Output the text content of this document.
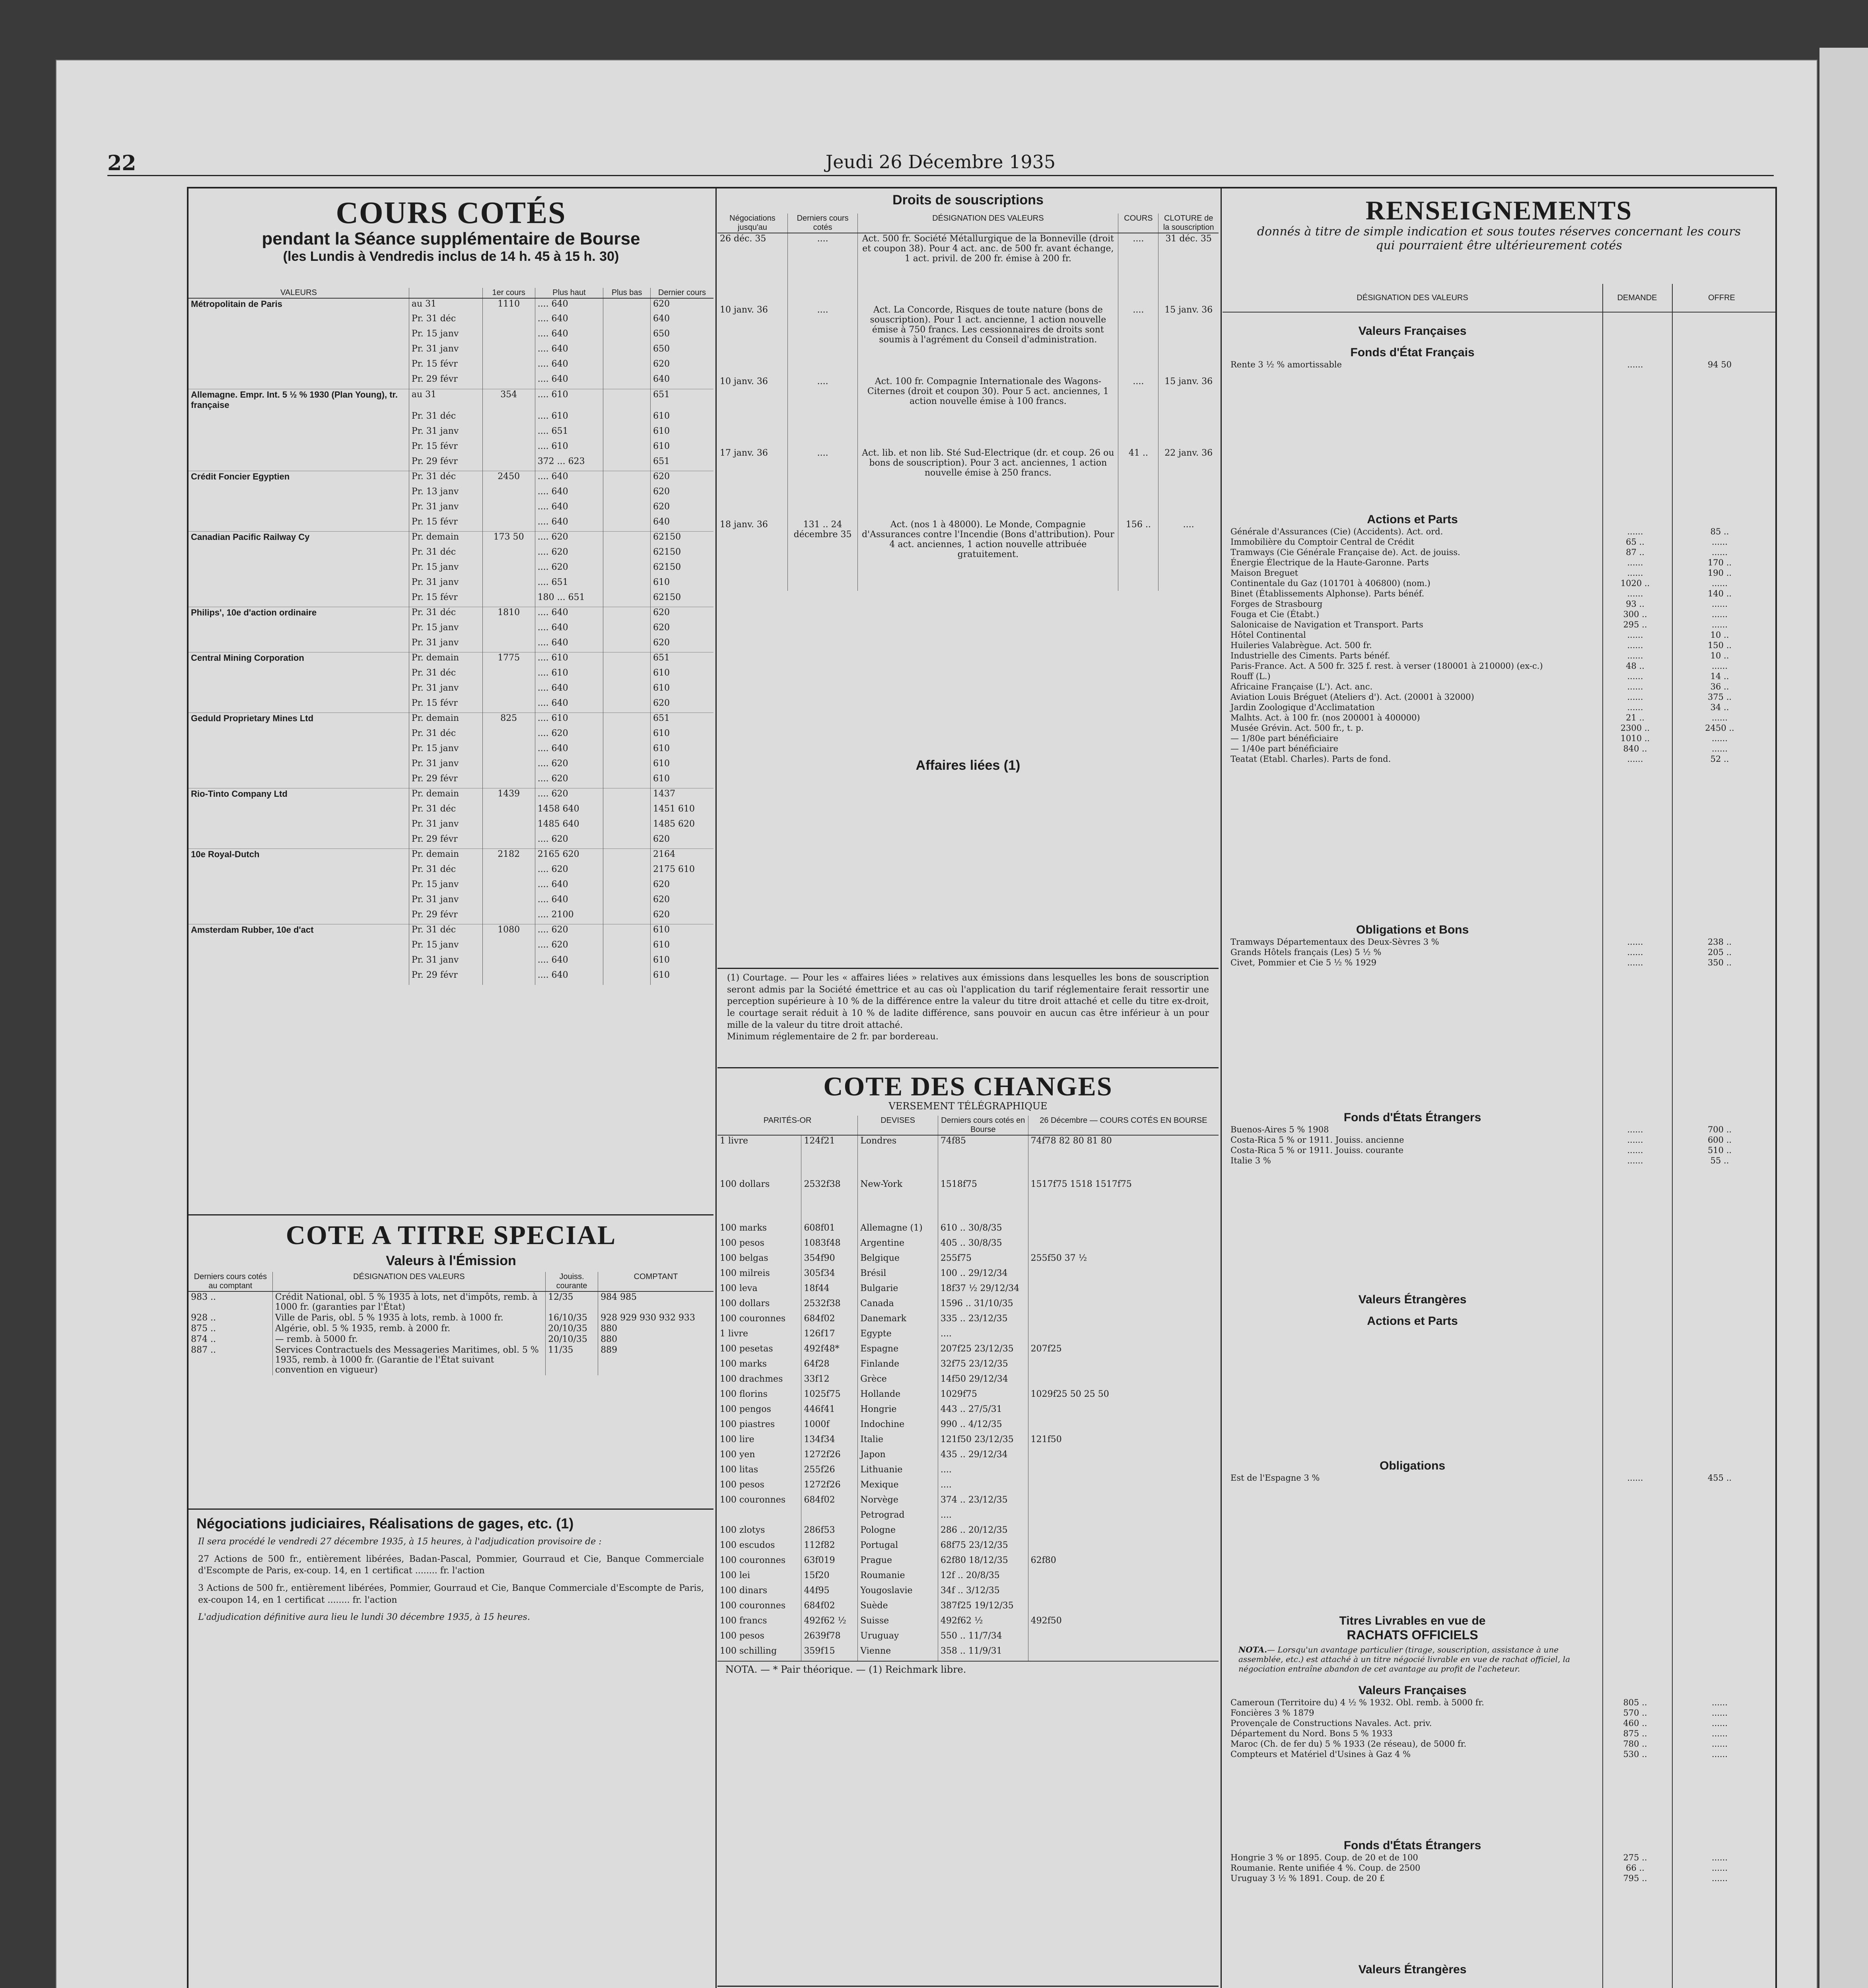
22	Jeudi 26 Décembre 1935
COURS COTÉS
pendant la Séance supplémentaire de Bourse
(les Lundis à Vendredis inclus de 14 h. 45 à 15 h. 30)
VALEURS		1er cours	Plus haut	Plus bas	Dernier cours
Métropolitain de Paris	au 31	1110	.... 640		620
	Pr. 31 déc		.... 640		640
	Pr. 15 janv		.... 640		650
	Pr. 31 janv		.... 640		650
	Pr. 15 févr		.... 640		620
	Pr. 29 févr		.... 640		640
Allemagne. Empr. Int. 5 ½ % 1930 (Plan Young), tr. française	au 31	354	.... 610		651
	Pr. 31 déc		.... 610		610
	Pr. 31 janv		.... 651		610
	Pr. 15 févr		.... 610		610
	Pr. 29 févr		372 ... 623		651
Crédit Foncier Egyptien	Pr. 31 déc	2450	.... 640		620
	Pr. 13 janv		.... 640		620
	Pr. 31 janv		.... 640		620
	Pr. 15 févr		.... 640		640
Canadian Pacific Railway Cy	Pr. demain	173 50	.... 620		62150
	Pr. 31 déc		.... 620		62150
	Pr. 15 janv		.... 620		62150
	Pr. 31 janv		.... 651		610
	Pr. 15 févr		180 ... 651		62150
Philips', 10e d'action ordinaire	Pr. 31 déc	1810	.... 640		620
	Pr. 15 janv		.... 640		620
	Pr. 31 janv		.... 640		620
Central Mining Corporation	Pr. demain	1775	.... 610		651
	Pr. 31 déc		.... 610		610
	Pr. 31 janv		.... 640		610
	Pr. 15 févr		.... 640		620
Geduld Proprietary Mines Ltd	Pr. demain	825	.... 610		651
	Pr. 31 déc		.... 620		610
	Pr. 15 janv		.... 640		610
	Pr. 31 janv		.... 620		610
	Pr. 29 févr		.... 620		610
Rio-Tinto Company Ltd	Pr. demain	1439	.... 620		1437
	Pr. 31 déc		1458 640		1451 610
	Pr. 31 janv		1485 640		1485 620
	Pr. 29 févr		.... 620		620
10e Royal-Dutch	Pr. demain	2182	2165 620		2164
	Pr. 31 déc		.... 620		2175 610
	Pr. 15 janv		.... 640		620
	Pr. 31 janv		.... 640		620
	Pr. 29 févr		.... 2100		620
Amsterdam Rubber, 10e d'act	Pr. 31 déc	1080	.... 620		610
	Pr. 15 janv		.... 620		610
	Pr. 31 janv		.... 640		610
	Pr. 29 févr		.... 640		610
COTE A TITRE SPECIAL
Valeurs à l'Émission
Derniers cours cotés au comptant	DÉSIGNATION DES VALEURS	Jouiss. courante	COMPTANT
983 ..	Crédit National, obl. 5 % 1935 à lots, net d'impôts, remb. à 1000 fr. (garanties par l'État)	12/35	984 985
928 ..	Ville de Paris, obl. 5 % 1935 à lots, remb. à 1000 fr.	16/10/35	928 929 930 932 933
875 ..	Algérie, obl. 5 % 1935, remb. à 2000 fr.	20/10/35	880
874 ..	— remb. à 5000 fr.	20/10/35	880
887 ..	Services Contractuels des Messageries Maritimes, obl. 5 % 1935, remb. à 1000 fr. (Garantie de l'État suivant convention en vigueur)	11/35	889
Négociations judiciaires, Réalisations de gages, etc. (1)
Il sera procédé le vendredi 27 décembre 1935, à 15 heures, à l'adjudication provisoire de :
27 Actions de 500 fr., entièrement libérées, Badan-Pascal, Pommier, Gourraud et Cie, Banque Commerciale d'Escompte de Paris, ex-coup. 14, en 1 certificat ........ fr. l'action
3 Actions de 500 fr., entièrement libérées, Pommier, Gourraud et Cie, Banque Commerciale d'Escompte de Paris, ex-coupon 14, en 1 certificat ........ fr. l'action
L'adjudication définitive aura lieu le lundi 30 décembre 1935, à 15 heures.
Droits de souscriptions
Négociations jusqu'au	Derniers cours cotés	DÉSIGNATION DES VALEURS	COURS	CLOTURE de la souscription
26 déc. 35	....	Act. 500 fr. Société Métallurgique de la Bonneville (droit et coupon 38). Pour 4 act. anc. de 500 fr. avant échange, 1 act. privil. de 200 fr. émise à 200 fr.	....	31 déc. 35
10 janv. 36	....	Act. La Concorde, Risques de toute nature (bons de souscription). Pour 1 act. ancienne, 1 action nouvelle émise à 750 francs. Les cessionnaires de droits sont soumis à l'agrément du Conseil d'administration.	....	15 janv. 36
10 janv. 36	....	Act. 100 fr. Compagnie Internationale des Wagons-Citernes (droit et coupon 30). Pour 5 act. anciennes, 1 action nouvelle émise à 100 francs.	....	15 janv. 36
17 janv. 36	....	Act. lib. et non lib. Sté Sud-Electrique (dr. et coup. 26 ou bons de souscription). Pour 3 act. anciennes, 1 action nouvelle émise à 250 francs.	41 ..	22 janv. 36
18 janv. 36	131 .. 24 décembre 35	Act. (nos 1 à 48000). Le Monde, Compagnie d'Assurances contre l'Incendie (Bons d'attribution). Pour 4 act. anciennes, 1 action nouvelle attribuée gratuitement.	156 ..	....
Affaires liées (1)
(1) Courtage. — Pour les « affaires liées » relatives aux émissions dans lesquelles les bons de souscription seront admis par la Société émettrice et au cas où l'application du tarif réglementaire ferait ressortir une perception supérieure à 10 % de la différence entre la valeur du titre droit attaché et celle du titre ex-droit, le courtage serait réduit à 10 % de ladite différence, sans pouvoir en aucun cas être inférieur à un pour mille de la valeur du titre droit attaché.
Minimum réglementaire de 2 fr. par bordereau.
COTE DES CHANGES
VERSEMENT TÉLÉGRAPHIQUE
PARITÉS-OR		DEVISES	Derniers cours cotés en Bourse	26 Décembre — COURS COTÉS EN BOURSE
1 livre	124f21	Londres	74f85	74f78 82 80 81 80
100 dollars	2532f38	New-York	1518f75	1517f75 1518 1517f75
100 marks	608f01	Allemagne (1)	610 .. 30/8/35	
100 pesos	1083f48	Argentine	405 .. 30/8/35	
100 belgas	354f90	Belgique	255f75	255f50 37 ½
100 milreis	305f34	Brésil	100 .. 29/12/34	
100 leva	18f44	Bulgarie	18f37 ½ 29/12/34	
100 dollars	2532f38	Canada	1596 .. 31/10/35	
100 couronnes	684f02	Danemark	335 .. 23/12/35	
1 livre	126f17	Egypte	....	
100 pesetas	492f48*	Espagne	207f25 23/12/35	207f25
100 marks	64f28	Finlande	32f75 23/12/35	
100 drachmes	33f12	Grèce	14f50 29/12/34	
100 florins	1025f75	Hollande	1029f75	1029f25 50 25 50
100 pengos	446f41	Hongrie	443 .. 27/5/31	
100 piastres	1000f	Indochine	990 .. 4/12/35	
100 lire	134f34	Italie	121f50 23/12/35	121f50
100 yen	1272f26	Japon	435 .. 29/12/34	
100 litas	255f26	Lithuanie	....	
100 pesos	1272f26	Mexique	....	
100 couronnes	684f02	Norvège	374 .. 23/12/35	
		Petrograd	....	
100 zlotys	286f53	Pologne	286 .. 20/12/35	
100 escudos	112f82	Portugal	68f75 23/12/35	
100 couronnes	63f019	Prague	62f80 18/12/35	62f80
100 lei	15f20	Roumanie	12f .. 20/8/35	
100 dinars	44f95	Yougoslavie	34f .. 3/12/35	
100 couronnes	684f02	Suède	387f25 19/12/35	
100 francs	492f62 ½	Suisse	492f62 ½	492f50
100 pesos	2639f78	Uruguay	550 .. 11/7/34	
100 schilling	359f15	Vienne	358 .. 11/9/31	
NOTA. — * Pair théorique. — (1) Reichmark libre.

RENSEIGNEMENTS
donnés à titre de simple indication et sous toutes réserves concernant les cours qui pourraient être ultérieurement cotés
DÉSIGNATION DES VALEURS	DEMANDE	OFFRE
Valeurs Françaises
Fonds d'État Français
Rente 3 ½ % amortissable	......	94 50
Actions et Parts
Générale d'Assurances (Cie) (Accidents). Act. ord.	......	85 ..
Immobilière du Comptoir Central de Crédit	65 ..	......
Tramways (Cie Générale Française de). Act. de jouiss.	87 ..	......
Énergie Électrique de la Haute-Garonne. Parts	......	170 ..
Maison Breguet	......	190 ..
Continentale du Gaz (101701 à 406800) (nom.)	1020 ..	......
Binet (Établissements Alphonse). Parts bénéf.	......	140 ..
Forges de Strasbourg	93 ..	......
Fouga et Cie (Étabt.)	300 ..	......
Salonicaise de Navigation et Transport. Parts	295 ..	......
Hôtel Continental	......	10 ..
Huileries Valabrègue. Act. 500 fr.	......	150 ..
Industrielle des Ciments. Parts bénéf.	......	10 ..
Paris-France. Act. A 500 fr. 325 f. rest. à verser (180001 à 210000) (ex-c.)	48 ..	......
Rouff (L.)	......	14 ..
Africaine Française (L'). Act. anc.	......	36 ..
Aviation Louis Bréguet (Ateliers d'). Act. (20001 à 32000)	......	375 ..
Jardin Zoologique d'Acclimatation	......	34 ..
Malhts. Act. à 100 fr. (nos 200001 à 400000)	21 ..	......
Musée Grévin. Act. 500 fr., t. p.	2300 ..	2450 ..
— 1/80e part bénéficiaire	1010 ..	......
— 1/40e part bénéficiaire	840 ..	......
Teatat (Etabl. Charles). Parts de fond.	......	52 ..
Obligations et Bons
Tramways Départementaux des Deux-Sèvres 3 %	......	238 ..
Grands Hôtels français (Les) 5 ½ %	......	205 ..
Civet, Pommier et Cie 5 ½ % 1929	......	350 ..
Fonds d'États Étrangers
Buenos-Aires 5 % 1908	......	700 ..
Costa-Rica 5 % or 1911. Jouiss. ancienne	......	600 ..
Costa-Rica 5 % or 1911. Jouiss. courante	......	510 ..
Italie 3 %	......	55 ..
Valeurs Étrangères
Actions et Parts
Obligations
Est de l'Espagne 3 %	......	455 ..
Titres Livrables en vue de
RACHATS OFFICIELS
NOTA.— Lorsqu'un avantage particulier (tirage, souscription, assistance à une assemblée, etc.) est attaché à un titre négocié livrable en vue de rachat officiel, la négociation entraîne abandon de cet avantage au profit de l'acheteur.
Valeurs Françaises
Cameroun (Territoire du) 4 ½ % 1932. Obl. remb. à 5000 fr.	805 ..	......
Foncières 3 % 1879	570 ..	......
Provençale de Constructions Navales. Act. priv.	460 ..	......
Département du Nord. Bons 5 % 1933	875 ..	......
Maroc (Ch. de fer du) 5 % 1933 (2e réseau), de 5000 fr.	780 ..	......
Compteurs et Matériel d'Usines à Gaz 4 %	530 ..	......
Fonds d'États Étrangers
Hongrie 3 % or 1895. Coup. de 20 et de 100	275 ..	......
Roumanie. Rente unifiée 4 %. Coup. de 2500	66 ..	......
Uruguay 3 ½ % 1891. Coup. de 20 £	795 ..	......
Valeurs Étrangères
